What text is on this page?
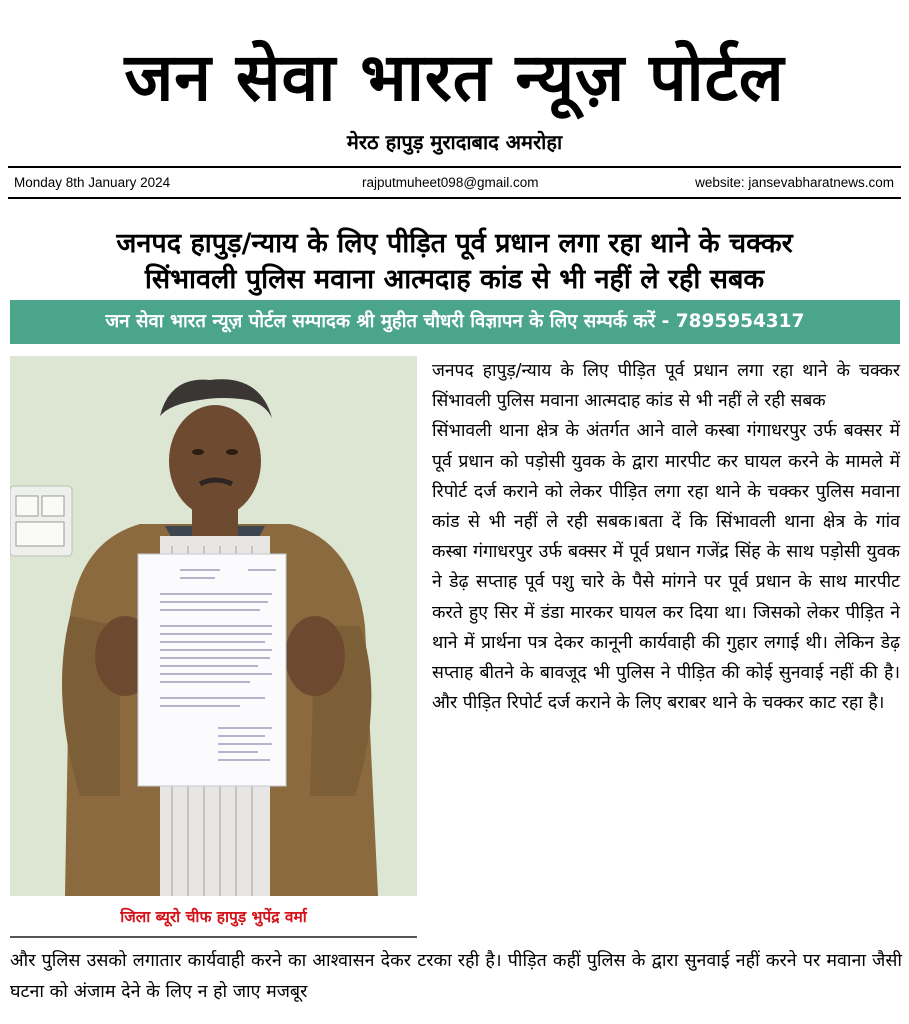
जन सेवा भारत न्यूज़ पोर्टल
मेरठ हापुड़ मुरादाबाद अमरोहा
Monday 8th January 2024	rajputmuheet098@gmail.com	website: jansevabharatnews.com
जनपद हापुड़/न्याय के लिए पीड़ित पूर्व प्रधान लगा रहा थाने के चक्कर
सिंभावली पुलिस मवाना आत्मदाह कांड से भी नहीं ले रही सबक
जन सेवा भारत न्यूज़ पोर्टल सम्पादक श्री मुहीत चौधरी विज्ञापन के लिए सम्पर्क करें - 7895954317
जिला ब्यूरो चीफ हापुड़ भुपेंद्र वर्मा

जनपद हापुड़/न्याय के लिए पीड़ित पूर्व प्रधान लगा रहा थाने के चक्कर सिंभावली पुलिस मवाना आत्मदाह कांड से भी नहीं ले रही सबक

सिंभावली थाना क्षेत्र के अंतर्गत आने वाले कस्बा गंगाधरपुर उर्फ बक्सर में पूर्व प्रधान को पड़ोसी युवक के द्वारा मारपीट कर घायल करने के मामले में रिपोर्ट दर्ज कराने को लेकर पीड़ित लगा रहा थाने के चक्कर पुलिस मवाना कांड से भी नहीं ले रही सबक।बता दें कि सिंभावली थाना क्षेत्र के गांव कस्बा गंगाधरपुर उर्फ बक्सर में पूर्व प्रधान गजेंद्र सिंह के साथ पड़ोसी युवक ने डेढ़ सप्ताह पूर्व पशु चारे के पैसे मांगने पर पूर्व प्रधान के साथ मारपीट करते हुए सिर में डंडा मारकर घायल कर दिया था। जिसको लेकर पीड़ित ने थाने में प्रार्थना पत्र देकर कानूनी कार्यवाही की गुहार लगाई थी। लेकिन डेढ़ सप्ताह बीतने के बावजूद भी पुलिस ने पीड़ित की कोई सुनवाई नहीं की है। और पीड़ित रिपोर्ट दर्ज कराने के लिए बराबर थाने के चक्कर काट रहा है।

और पुलिस उसको लगातार कार्यवाही करने का आश्वासन देकर टरका रही है। पीड़ित कहीं पुलिस के द्वारा सुनवाई नहीं करने पर मवाना जैसी घटना को अंजाम देने के लिए न हो जाए मजबूर
